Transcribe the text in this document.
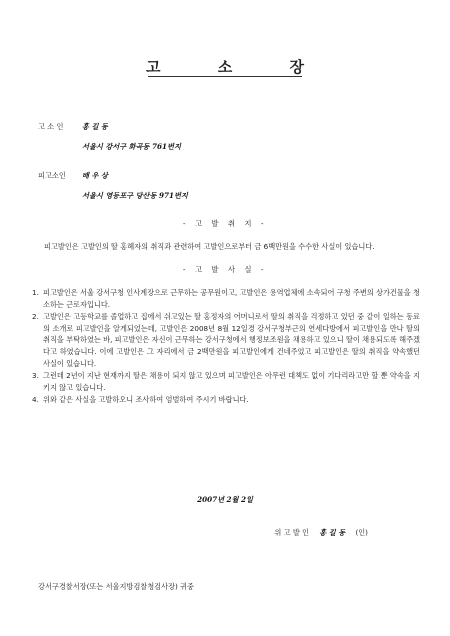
고 소 장
고 소 인	홍 길 동
서울시 강서구 화곡동 761번지
피고소인 배 우 상
서울시 영등포구 당산동 971번지
- 고 발 취 지 -
피고발인은 고발인의 딸 홍혜자의 취직과 관련하여 고발인으로부터 금 6백만원을 수수한 사실이 있습니다.
- 고 발 사 실 -
1. 피고발인은 서울 강서구청 인사계장으로 근무하는 공무원이고, 고발인은 용역업체에 소속되어 구청 주변의 상가건물을 청소하는 근로자입니다.
2. 고발인은 고등학교를 졸업하고 집에서 쉬고있는 딸 홍정자의 어머니로서 딸의 취직을 걱정하고 있던 중 같이 일하는 동료의 소개로 피고발인을 알게되었는데, 고발인은 2008년 8월 12일경 강서구청부근의 연세다방에서 피고발인을 만나 딸의 취직을 부탁하였는 바, 피고발인은 자신이 근무하는 강서구청에서 행정보조원을 채용하고 있으니 딸이 채용되도록 해주겠다고 하였습니다. 이에 고발인은 그 자리에서 금 2백만원을 피고발인에게 건네주었고 피고발인은 딸의 취직을 약속했던 사실이 있습니다.
3. 그런데 2년이 지난 현재까지 딸은 채용이 되지 않고 있으며 피고발인은 아무런 대책도 없이 기다리라고만 할 뿐 약속을 지키지 않고 있습니다.
4. 위와 같은 사실을 고발하오니 조사하여 엄벌하여 주시기 바랍니다.
2007년 2월 2일
위 고 발 인 홍 길 동 (인)
강서구경찰서장(또는 서울지방검찰청검사장) 귀중
